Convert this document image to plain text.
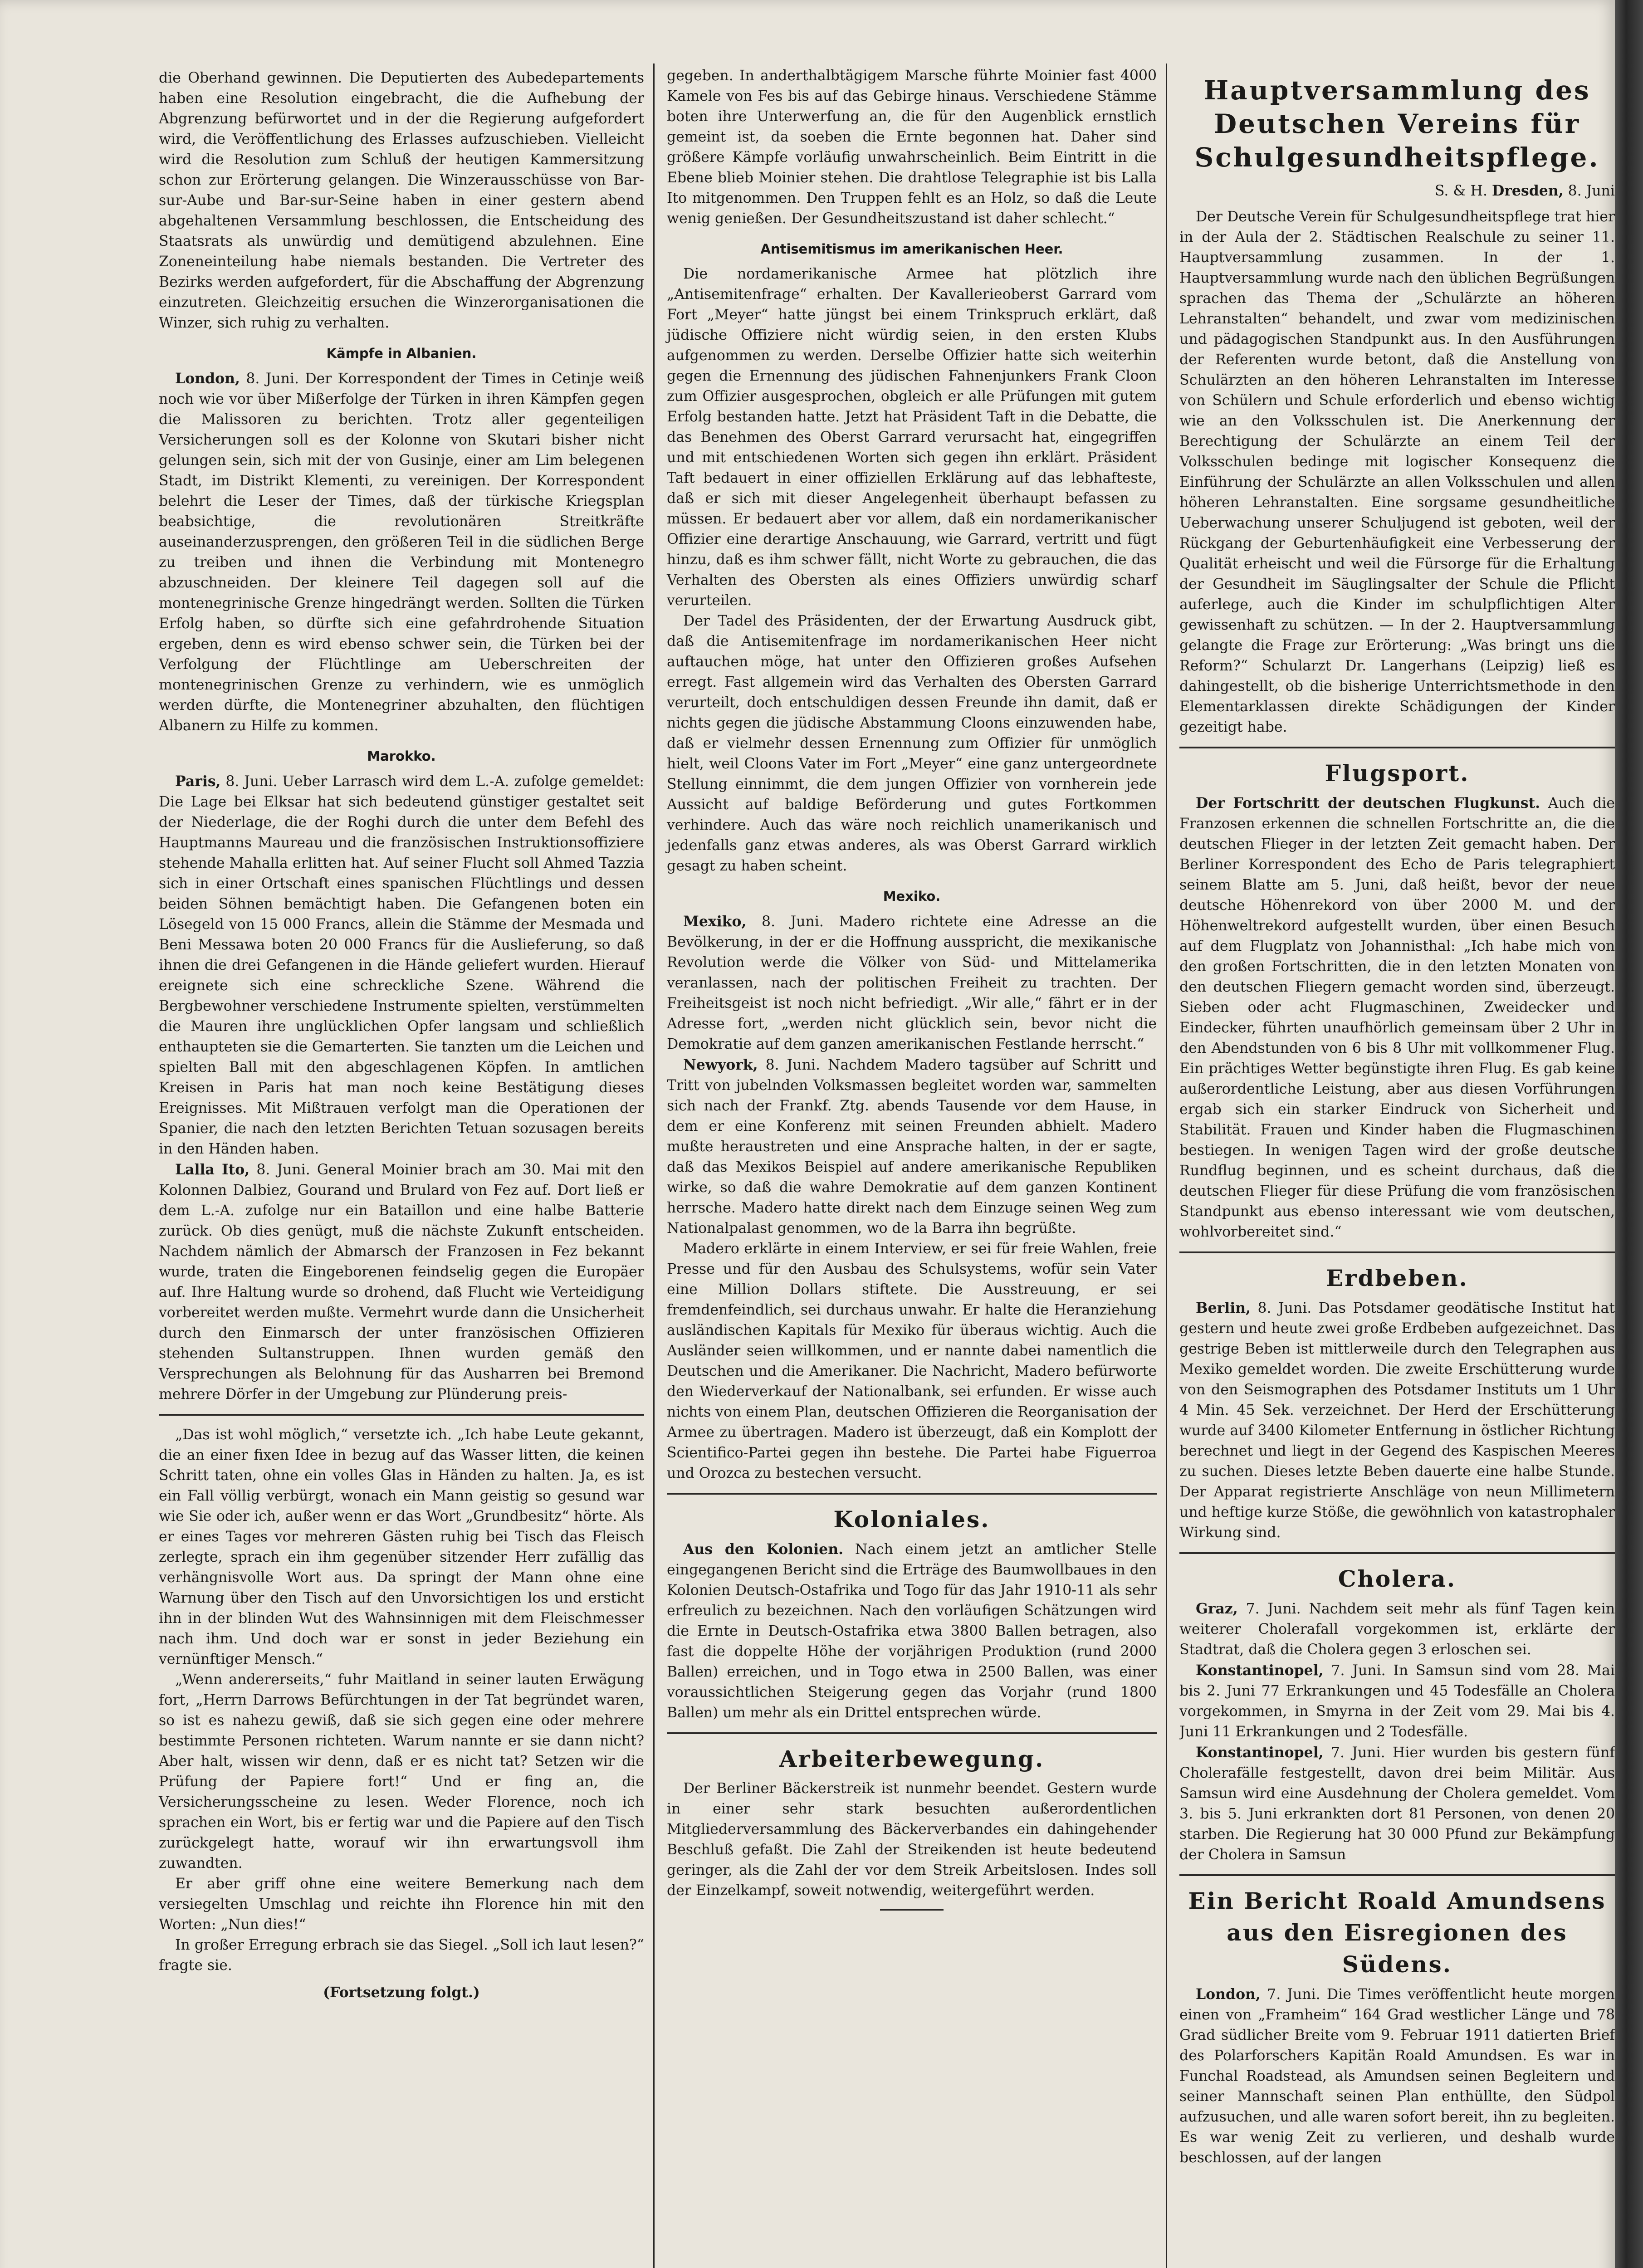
die Oberhand gewinnen. Die Deputierten des Aubedepartements haben eine Resolution eingebracht, die die Aufhebung der Abgrenzung befürwortet und in der die Regierung aufgefordert wird, die Veröffentlichung des Erlasses aufzuschieben. Vielleicht wird die Resolution zum Schluß der heutigen Kammersitzung schon zur Erörterung gelangen. Die Winzerausschüsse von Bar-sur-Aube und Bar-sur-Seine haben in einer gestern abend abgehaltenen Versammlung beschlossen, die Entscheidung des Staatsrats als unwürdig und demütigend abzulehnen. Eine Zoneneinteilung habe niemals bestanden. Die Vertreter des Bezirks werden aufgefordert, für die Abschaffung der Abgrenzung einzutreten. Gleichzeitig ersuchen die Winzerorganisationen die Winzer, sich ruhig zu verhalten.

Kämpfe in Albanien.

London, 8. Juni. Der Korrespondent der Times in Cetinje weiß noch wie vor über Mißerfolge der Türken in ihren Kämpfen gegen die Malissoren zu berichten. Trotz aller gegenteiligen Versicherungen soll es der Kolonne von Skutari bisher nicht gelungen sein, sich mit der von Gusinje, einer am Lim belegenen Stadt, im Distrikt Klementi, zu vereinigen. Der Korrespondent belehrt die Leser der Times, daß der türkische Kriegsplan beabsichtige, die revolutionären Streitkräfte auseinanderzusprengen, den größeren Teil in die südlichen Berge zu treiben und ihnen die Verbindung mit Montenegro abzuschneiden. Der kleinere Teil dagegen soll auf die montenegrinische Grenze hingedrängt werden. Sollten die Türken Erfolg haben, so dürfte sich eine gefahrdrohende Situation ergeben, denn es wird ebenso schwer sein, die Türken bei der Verfolgung der Flüchtlinge am Ueberschreiten der montenegrinischen Grenze zu verhindern, wie es unmöglich werden dürfte, die Montenegriner abzuhalten, den flüchtigen Albanern zu Hilfe zu kommen.

Marokko.

Paris, 8. Juni. Ueber Larrasch wird dem L.-A. zufolge gemeldet: Die Lage bei Elksar hat sich bedeutend günstiger gestaltet seit der Niederlage, die der Roghi durch die unter dem Befehl des Hauptmanns Maureau und die französischen Instruktionsoffiziere stehende Mahalla erlitten hat. Auf seiner Flucht soll Ahmed Tazzia sich in einer Ortschaft eines spanischen Flüchtlings und dessen beiden Söhnen bemächtigt haben. Die Gefangenen boten ein Lösegeld von 15 000 Francs, allein die Stämme der Mesmada und Beni Messawa boten 20 000 Francs für die Auslieferung, so daß ihnen die drei Gefangenen in die Hände geliefert wurden. Hierauf ereignete sich eine schreckliche Szene. Während die Bergbewohner verschiedene Instrumente spielten, verstümmelten die Mauren ihre unglücklichen Opfer langsam und schließlich enthaupteten sie die Gemarterten. Sie tanzten um die Leichen und spielten Ball mit den abgeschlagenen Köpfen. In amtlichen Kreisen in Paris hat man noch keine Bestätigung dieses Ereignisses. Mit Mißtrauen verfolgt man die Operationen der Spanier, die nach den letzten Berichten Tetuan sozusagen bereits in den Händen haben.

Lalla Ito, 8. Juni. General Moinier brach am 30. Mai mit den Kolonnen Dalbiez, Gourand und Brulard von Fez auf. Dort ließ er dem L.-A. zufolge nur ein Bataillon und eine halbe Batterie zurück. Ob dies genügt, muß die nächste Zukunft entscheiden. Nachdem nämlich der Abmarsch der Franzosen in Fez bekannt wurde, traten die Eingeborenen feindselig gegen die Europäer auf. Ihre Haltung wurde so drohend, daß Flucht wie Verteidigung vorbereitet werden mußte. Vermehrt wurde dann die Unsicherheit durch den Einmarsch der unter französischen Offizieren stehenden Sultanstruppen. Ihnen wurden gemäß den Versprechungen als Belohnung für das Ausharren bei Bremond mehrere Dörfer in der Umgebung zur Plünderung preis-

„Das ist wohl möglich,“ versetzte ich. „Ich habe Leute gekannt, die an einer fixen Idee in bezug auf das Wasser litten, die keinen Schritt taten, ohne ein volles Glas in Händen zu halten. Ja, es ist ein Fall völlig verbürgt, wonach ein Mann geistig so gesund war wie Sie oder ich, außer wenn er das Wort „Grundbesitz“ hörte. Als er eines Tages vor mehreren Gästen ruhig bei Tisch das Fleisch zerlegte, sprach ein ihm gegenüber sitzender Herr zufällig das verhängnisvolle Wort aus. Da springt der Mann ohne eine Warnung über den Tisch auf den Unvorsichtigen los und ersticht ihn in der blinden Wut des Wahnsinnigen mit dem Fleischmesser nach ihm. Und doch war er sonst in jeder Beziehung ein vernünftiger Mensch.“

„Wenn andererseits,“ fuhr Maitland in seiner lauten Erwägung fort, „Herrn Darrows Befürchtungen in der Tat begründet waren, so ist es nahezu gewiß, daß sie sich gegen eine oder mehrere bestimmte Personen richteten. Warum nannte er sie dann nicht? Aber halt, wissen wir denn, daß er es nicht tat? Setzen wir die Prüfung der Papiere fort!“ Und er fing an, die Versicherungsscheine zu lesen. Weder Florence, noch ich sprachen ein Wort, bis er fertig war und die Papiere auf den Tisch zurückgelegt hatte, worauf wir ihn erwartungsvoll ihm zuwandten.

Er aber griff ohne eine weitere Bemerkung nach dem versiegelten Umschlag und reichte ihn Florence hin mit den Worten: „Nun dies!“

In großer Erregung erbrach sie das Siegel. „Soll ich laut lesen?“ fragte sie.

(Fortsetzung folgt.)

gegeben. In anderthalbtägigem Marsche führte Moinier fast 4000 Kamele von Fes bis auf das Gebirge hinaus. Verschiedene Stämme boten ihre Unterwerfung an, die für den Augenblick ernstlich gemeint ist, da soeben die Ernte begonnen hat. Daher sind größere Kämpfe vorläufig unwahrscheinlich. Beim Eintritt in die Ebene blieb Moinier stehen. Die drahtlose Telegraphie ist bis Lalla Ito mitgenommen. Den Truppen fehlt es an Holz, so daß die Leute wenig genießen. Der Gesundheitszustand ist daher schlecht.“

Antisemitismus im amerikanischen Heer.

Die nordamerikanische Armee hat plötzlich ihre „Antisemitenfrage“ erhalten. Der Kavallerieoberst Garrard vom Fort „Meyer“ hatte jüngst bei einem Trinkspruch erklärt, daß jüdische Offiziere nicht würdig seien, in den ersten Klubs aufgenommen zu werden. Derselbe Offizier hatte sich weiterhin gegen die Ernennung des jüdischen Fahnenjunkers Frank Cloon zum Offizier ausgesprochen, obgleich er alle Prüfungen mit gutem Erfolg bestanden hatte. Jetzt hat Präsident Taft in die Debatte, die das Benehmen des Oberst Garrard verursacht hat, eingegriffen und mit entschiedenen Worten sich gegen ihn erklärt. Präsident Taft bedauert in einer offiziellen Erklärung auf das lebhafteste, daß er sich mit dieser Angelegenheit überhaupt befassen zu müssen. Er bedauert aber vor allem, daß ein nordamerikanischer Offizier eine derartige Anschauung, wie Garrard, vertritt und fügt hinzu, daß es ihm schwer fällt, nicht Worte zu gebrauchen, die das Verhalten des Obersten als eines Offiziers unwürdig scharf verurteilen.

Der Tadel des Präsidenten, der der Erwartung Ausdruck gibt, daß die Antisemitenfrage im nordamerikanischen Heer nicht auftauchen möge, hat unter den Offizieren großes Aufsehen erregt. Fast allgemein wird das Verhalten des Obersten Garrard verurteilt, doch entschuldigen dessen Freunde ihn damit, daß er nichts gegen die jüdische Abstammung Cloons einzuwenden habe, daß er vielmehr dessen Ernennung zum Offizier für unmöglich hielt, weil Cloons Vater im Fort „Meyer“ eine ganz untergeordnete Stellung einnimmt, die dem jungen Offizier von vornherein jede Aussicht auf baldige Beförderung und gutes Fortkommen verhindere. Auch das wäre noch reichlich unamerikanisch und jedenfalls ganz etwas anderes, als was Oberst Garrard wirklich gesagt zu haben scheint.

Mexiko.

Mexiko, 8. Juni. Madero richtete eine Adresse an die Bevölkerung, in der er die Hoffnung ausspricht, die mexikanische Revolution werde die Völker von Süd- und Mittelamerika veranlassen, nach der politischen Freiheit zu trachten. Der Freiheitsgeist ist noch nicht befriedigt. „Wir alle,“ fährt er in der Adresse fort, „werden nicht glücklich sein, bevor nicht die Demokratie auf dem ganzen amerikanischen Festlande herrscht.“

Newyork, 8. Juni. Nachdem Madero tagsüber auf Schritt und Tritt von jubelnden Volksmassen begleitet worden war, sammelten sich nach der Frankf. Ztg. abends Tausende vor dem Hause, in dem er eine Konferenz mit seinen Freunden abhielt. Madero mußte heraustreten und eine Ansprache halten, in der er sagte, daß das Mexikos Beispiel auf andere amerikanische Republiken wirke, so daß die wahre Demokratie auf dem ganzen Kontinent herrsche. Madero hatte direkt nach dem Einzuge seinen Weg zum Nationalpalast genommen, wo de la Barra ihn begrüßte.

Madero erklärte in einem Interview, er sei für freie Wahlen, freie Presse und für den Ausbau des Schulsystems, wofür sein Vater eine Million Dollars stiftete. Die Ausstreuung, er sei fremdenfeindlich, sei durchaus unwahr. Er halte die Heranziehung ausländischen Kapitals für Mexiko für überaus wichtig. Auch die Ausländer seien willkommen, und er nannte dabei namentlich die Deutschen und die Amerikaner. Die Nachricht, Madero befürworte den Wiederverkauf der Nationalbank, sei erfunden. Er wisse auch nichts von einem Plan, deutschen Offizieren die Reorganisation der Armee zu übertragen. Madero ist überzeugt, daß ein Komplott der Scientifico-Partei gegen ihn bestehe. Die Partei habe Figuerroa und Orozca zu bestechen versucht.

Koloniales.

Aus den Kolonien. Nach einem jetzt an amtlicher Stelle eingegangenen Bericht sind die Erträge des Baumwollbaues in den Kolonien Deutsch-Ostafrika und Togo für das Jahr 1910-11 als sehr erfreulich zu bezeichnen. Nach den vorläufigen Schätzungen wird die Ernte in Deutsch-Ostafrika etwa 3800 Ballen betragen, also fast die doppelte Höhe der vorjährigen Produktion (rund 2000 Ballen) erreichen, und in Togo etwa in 2500 Ballen, was einer voraussichtlichen Steigerung gegen das Vorjahr (rund 1800 Ballen) um mehr als ein Drittel entsprechen würde.

Arbeiterbewegung.

Der Berliner Bäckerstreik ist nunmehr beendet. Gestern wurde in einer sehr stark besuchten außerordentlichen Mitgliederversammlung des Bäckerverbandes ein dahingehender Beschluß gefaßt. Die Zahl der Streikenden ist heute bedeutend geringer, als die Zahl der vor dem Streik Arbeitslosen. Indes soll der Einzelkampf, soweit notwendig, weitergeführt werden.

Hauptversammlung des Deutschen Vereins für Schulgesundheitspflege.

S. & H. Dresden, 8. Juni

Der Deutsche Verein für Schulgesundheitspflege trat hier in der Aula der 2. Städtischen Realschule zu seiner 11. Hauptversammlung zusammen. In der 1. Hauptversammlung wurde nach den üblichen Begrüßungen sprachen das Thema der „Schulärzte an höheren Lehranstalten“ behandelt, und zwar vom medizinischen und pädagogischen Standpunkt aus. In den Ausführungen der Referenten wurde betont, daß die Anstellung von Schulärzten an den höheren Lehranstalten im Interesse von Schülern und Schule erforderlich und ebenso wichtig wie an den Volksschulen ist. Die Anerkennung der Berechtigung der Schulärzte an einem Teil der Volksschulen bedinge mit logischer Konsequenz die Einführung der Schulärzte an allen Volksschulen und allen höheren Lehranstalten. Eine sorgsame gesundheitliche Ueberwachung unserer Schuljugend ist geboten, weil der Rückgang der Geburtenhäufigkeit eine Verbesserung der Qualität erheischt und weil die Fürsorge für die Erhaltung der Gesundheit im Säuglingsalter der Schule die Pflicht auferlege, auch die Kinder im schulpflichtigen Alter gewissenhaft zu schützen. — In der 2. Hauptversammlung gelangte die Frage zur Erörterung: „Was bringt uns die Reform?“ Schularzt Dr. Langerhans (Leipzig) ließ es dahingestellt, ob die bisherige Unterrichtsmethode in den Elementarklassen direkte Schädigungen der Kinder gezeitigt habe.

Flugsport.

Der Fortschritt der deutschen Flugkunst. Auch die Franzosen erkennen die schnellen Fortschritte an, die die deutschen Flieger in der letzten Zeit gemacht haben. Der Berliner Korrespondent des Echo de Paris telegraphiert seinem Blatte am 5. Juni, daß heißt, bevor der neue deutsche Höhenrekord von über 2000 M. und der Höhenweltrekord aufgestellt wurden, über einen Besuch auf dem Flugplatz von Johannisthal: „Ich habe mich von den großen Fortschritten, die in den letzten Monaten von den deutschen Fliegern gemacht worden sind, überzeugt. Sieben oder acht Flugmaschinen, Zweidecker und Eindecker, führten unaufhörlich gemeinsam über 2 Uhr in den Abendstunden von 6 bis 8 Uhr mit vollkommener Flug. Ein prächtiges Wetter begünstigte ihren Flug. Es gab keine außerordentliche Leistung, aber aus diesen Vorführungen ergab sich ein starker Eindruck von Sicherheit und Stabilität. Frauen und Kinder haben die Flugmaschinen bestiegen. In wenigen Tagen wird der große deutsche Rundflug beginnen, und es scheint durchaus, daß die deutschen Flieger für diese Prüfung die vom französischen Standpunkt aus ebenso interessant wie vom deutschen, wohlvorbereitet sind.“

Erdbeben.

Berlin, 8. Juni. Das Potsdamer geodätische Institut hat gestern und heute zwei große Erdbeben aufgezeichnet. Das gestrige Beben ist mittlerweile durch den Telegraphen aus Mexiko gemeldet worden. Die zweite Erschütterung wurde von den Seismographen des Potsdamer Instituts um 1 Uhr 4 Min. 45 Sek. verzeichnet. Der Herd der Erschütterung wurde auf 3400 Kilometer Entfernung in östlicher Richtung berechnet und liegt in der Gegend des Kaspischen Meeres zu suchen. Dieses letzte Beben dauerte eine halbe Stunde. Der Apparat registrierte Anschläge von neun Millimetern und heftige kurze Stöße, die gewöhnlich von katastrophaler Wirkung sind.

Cholera.

Graz, 7. Juni. Nachdem seit mehr als fünf Tagen kein weiterer Cholerafall vorgekommen ist, erklärte der Stadtrat, daß die Cholera gegen 3 erloschen sei.

Konstantinopel, 7. Juni. In Samsun sind vom 28. Mai bis 2. Juni 77 Erkrankungen und 45 Todesfälle an Cholera vorgekommen, in Smyrna in der Zeit vom 29. Mai bis 4. Juni 11 Erkrankungen und 2 Todesfälle.

Konstantinopel, 7. Juni. Hier wurden bis gestern fünf Cholerafälle festgestellt, davon drei beim Militär. Aus Samsun wird eine Ausdehnung der Cholera gemeldet. Vom 3. bis 5. Juni erkrankten dort 81 Personen, von denen 20 starben. Die Regierung hat 30 000 Pfund zur Bekämpfung der Cholera in Samsun

Ein Bericht Roald Amundsens aus den Eisregionen des Südens.

London, 7. Juni. Die Times veröffentlicht heute morgen einen von „Framheim“ 164 Grad westlicher Länge und 78 Grad südlicher Breite vom 9. Februar 1911 datierten Brief des Polarforschers Kapitän Roald Amundsen. Es war in Funchal Roadstead, als Amundsen seinen Begleitern und seiner Mannschaft seinen Plan enthüllte, den Südpol aufzusuchen, und alle waren sofort bereit, ihn zu begleiten. Es war wenig Zeit zu verlieren, und deshalb wurde beschlossen, auf der langen
